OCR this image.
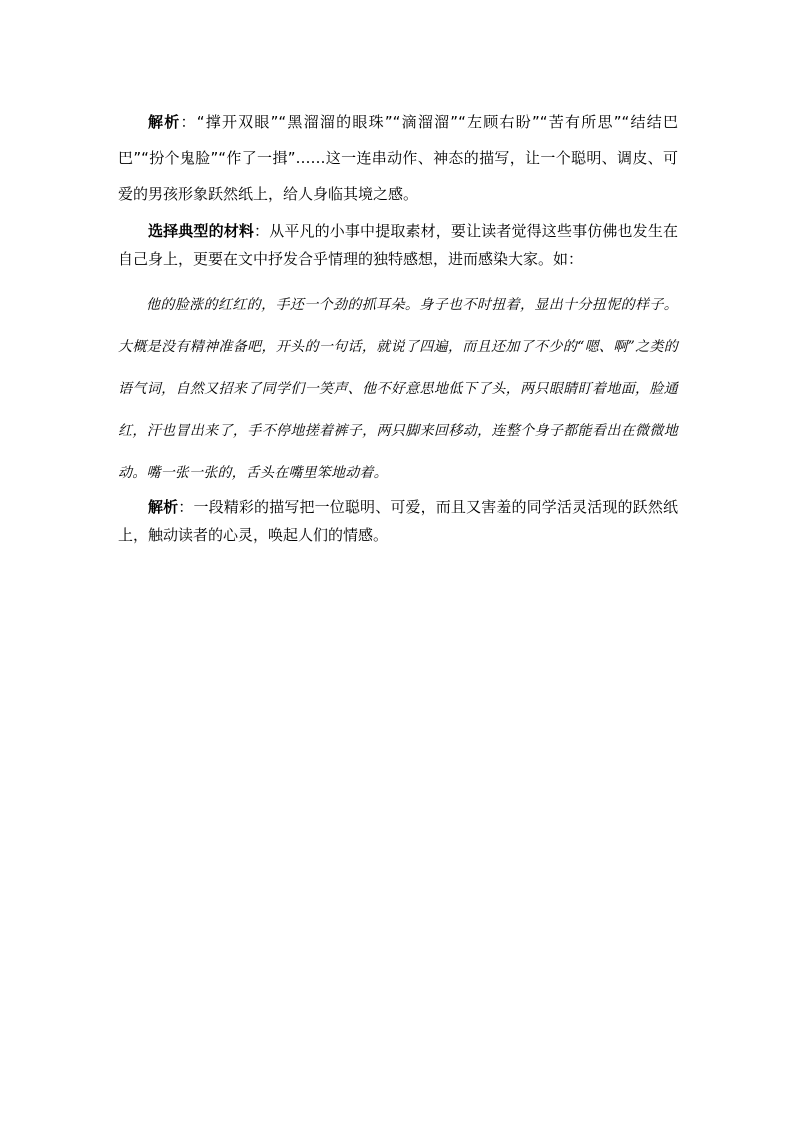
解析：“撑开双眼”“黑溜溜的眼珠”“滴溜溜”“左顾右盼”“苦有所思”“结结巴巴”“扮个鬼脸”“作了一揖”……这一连串动作、神态的描写，让一个聪明、调皮、可爱的男孩形象跃然纸上，给人身临其境之感。

选择典型的材料：从平凡的小事中提取素材，要让读者觉得这些事仿佛也发生在自己身上，更要在文中抒发合乎情理的独特感想，进而感染大家。如：

他的脸涨的红红的，手还一个劲的抓耳朵。身子也不时扭着，显出十分扭怩的样子。大概是没有精神准备吧，开头的一句话，就说了四遍，而且还加了不少的“嗯、啊”之类的语气词，自然又招来了同学们一笑声、他不好意思地低下了头，两只眼睛盯着地面，脸通红，汗也冒出来了，手不停地搓着裤子，两只脚来回移动，连整个身子都能看出在微微地动。嘴一张一张的，舌头在嘴里笨地动着。

解析：一段精彩的描写把一位聪明、可爱，而且又害羞的同学活灵活现的跃然纸上，触动读者的心灵，唤起人们的情感。
